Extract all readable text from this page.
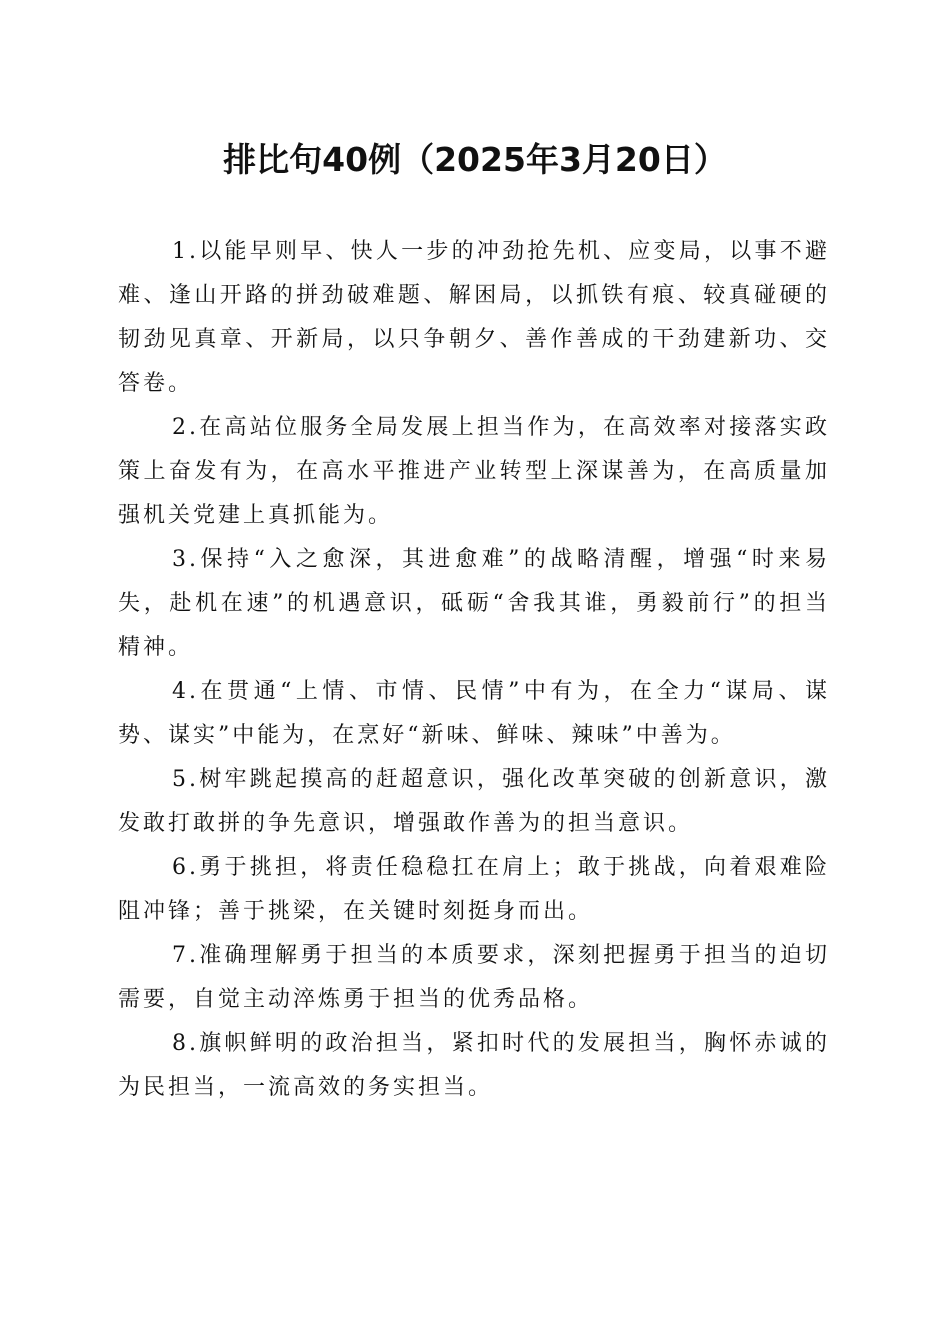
排比句40例（2025年3月20日）

1.以能早则早、快人一步的冲劲抢先机、应变局，以事不避难、逢山开路的拼劲破难题、解困局，以抓铁有痕、较真碰硬的韧劲见真章、开新局，以只争朝夕、善作善成的干劲建新功、交答卷。

2.在高站位服务全局发展上担当作为，在高效率对接落实政策上奋发有为，在高水平推进产业转型上深谋善为，在高质量加强机关党建上真抓能为。

3.保持“入之愈深，其进愈难”的战略清醒，增强“时来易失，赴机在速”的机遇意识，砥砺“舍我其谁，勇毅前行”的担当精神。

4.在贯通“上情、市情、民情”中有为，在全力“谋局、谋势、谋实”中能为，在烹好“新味、鲜味、辣味”中善为。

5.树牢跳起摸高的赶超意识，强化改革突破的创新意识，激发敢打敢拼的争先意识，增强敢作善为的担当意识。

6.勇于挑担，将责任稳稳扛在肩上；敢于挑战，向着艰难险阻冲锋；善于挑梁，在关键时刻挺身而出。

7.准确理解勇于担当的本质要求，深刻把握勇于担当的迫切需要，自觉主动淬炼勇于担当的优秀品格。

8.旗帜鲜明的政治担当，紧扣时代的发展担当，胸怀赤诚的为民担当，一流高效的务实担当。
